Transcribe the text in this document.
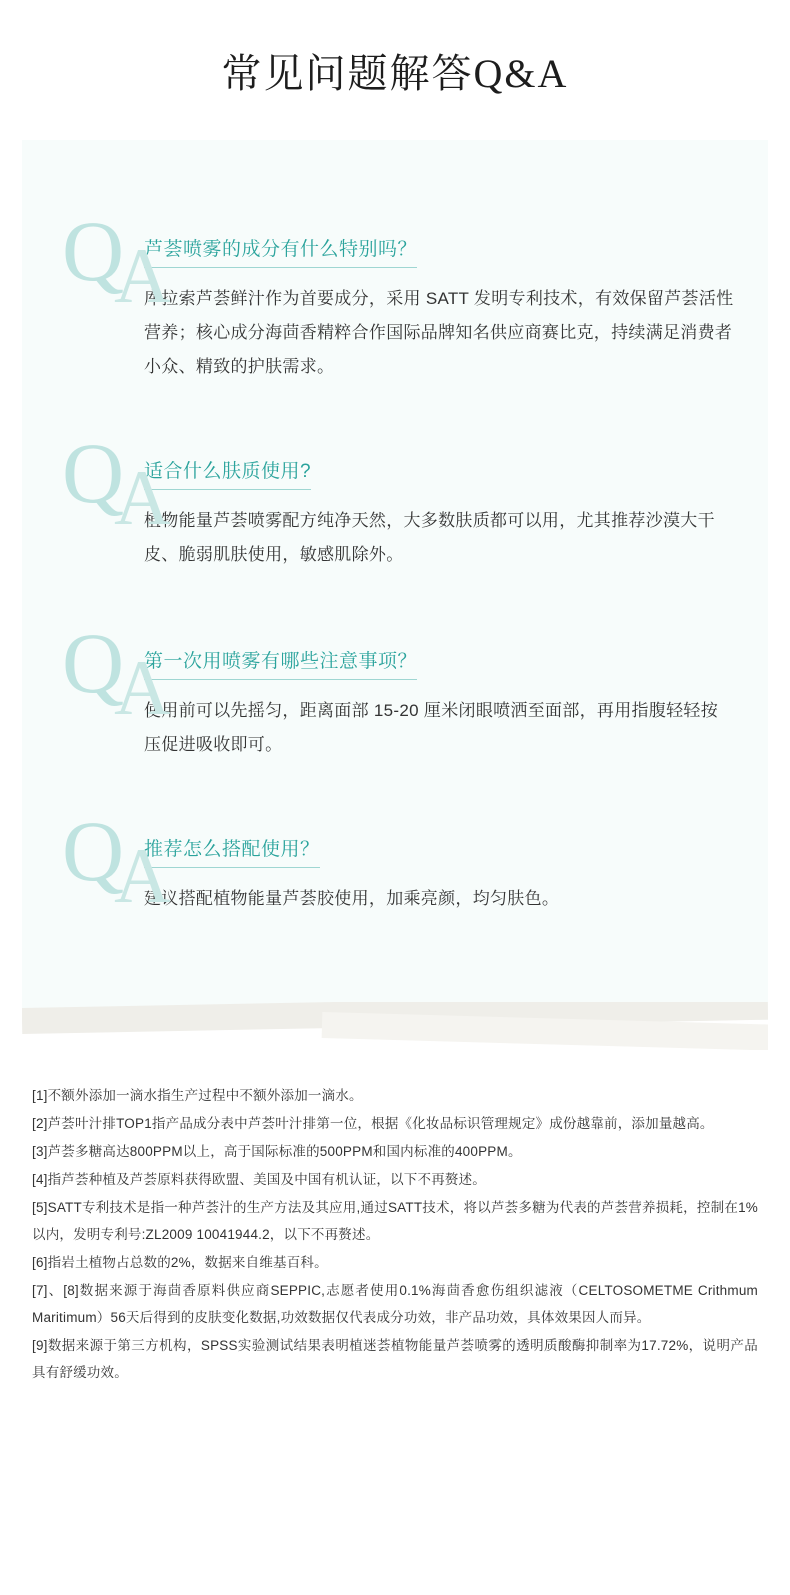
常见问题解答Q&A
QA
芦荟喷雾的成分有什么特别吗？

库拉索芦荟鲜汁作为首要成分，采用 SATT 发明专利技术，有效保留芦荟活性营养；核心成分海茴香精粹合作国际品牌知名供应商赛比克，持续满足消费者小众、精致的护肤需求。

QA
适合什么肤质使用?

植物能量芦荟喷雾配方纯净天然，大多数肤质都可以用，尤其推荐沙漠大干皮、脆弱肌肤使用，敏感肌除外。

QA
第一次用喷雾有哪些注意事项？

使用前可以先摇匀，距离面部 15-20 厘米闭眼喷洒至面部，再用指腹轻轻按压促进吸收即可。

QA
推荐怎么搭配使用？

建议搭配植物能量芦荟胶使用，加乘亮颜，均匀肤色。

[1]不额外添加一滴水指生产过程中不额外添加一滴水。

[2]芦荟叶汁排TOP1指产品成分表中芦荟叶汁排第一位，根据《化妆品标识管理规定》成份越靠前，添加量越高。

[3]芦荟多糖高达800PPM以上，高于国际标准的500PPM和国内标准的400PPM。

[4]指芦荟种植及芦荟原料获得欧盟、美国及中国有机认证，以下不再赘述。

[5]SATT专利技术是指一种芦荟汁的生产方法及其应用,通过SATT技术，将以芦荟多糖为代表的芦荟营养损耗，控制在1%以内，发明专利号:ZL2009 10041944.2，以下不再赘述。

[6]指岩土植物占总数的2%，数据来自维基百科。

[7]、[8]数据来源于海茴香原料供应商SEPPIC,志愿者使用0.1%海茴香愈伤组织滤液（CELTOSOMETME Crithmum Maritimum）56天后得到的皮肤变化数据,功效数据仅代表成分功效，非产品功效，具体效果因人而异。

[9]数据来源于第三方机构，SPSS实验测试结果表明植迷荟植物能量芦荟喷雾的透明质酸酶抑制率为17.72%，说明产品具有舒缓功效。
